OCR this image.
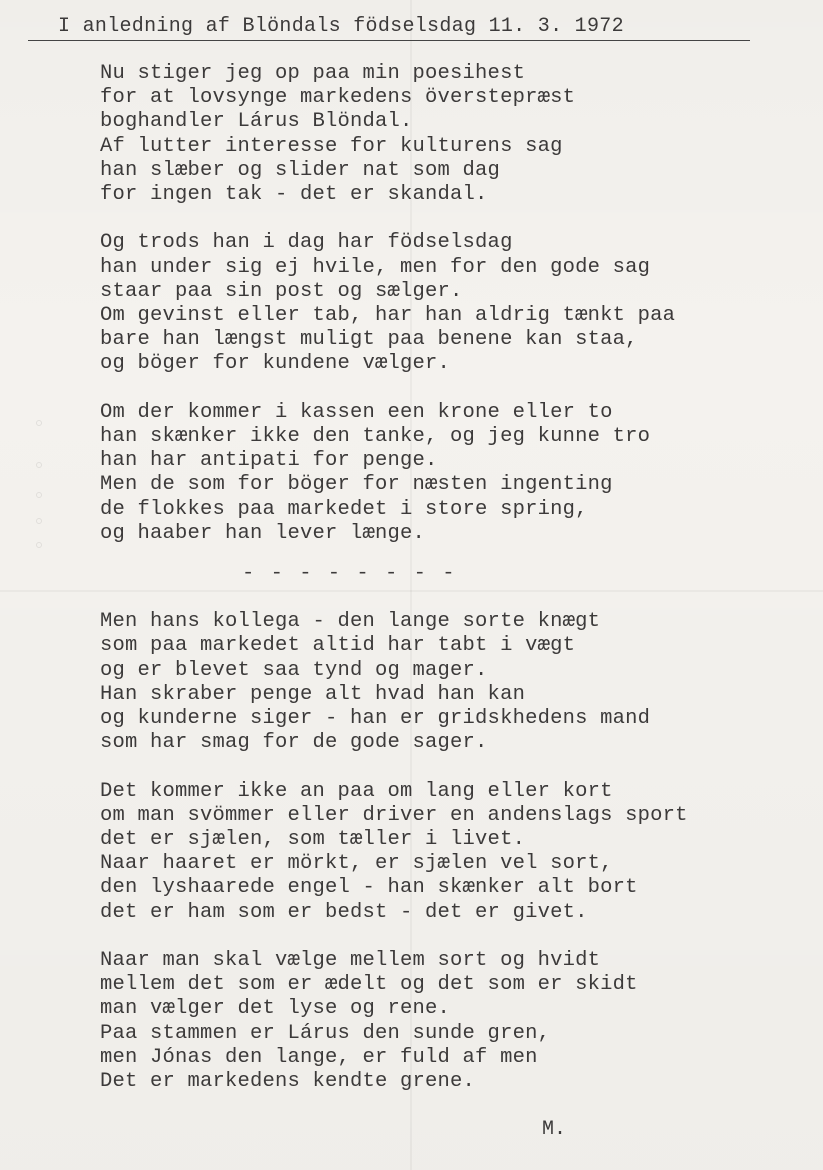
I anledning af Blöndals födselsdag 11. 3. 1972
Nu stiger jeg op paa min poesihest
for at lovsynge markedens överstepræst
boghandler Lárus Blöndal.
Af lutter interesse for kulturens sag
han slæber og slider nat som dag
for ingen tak - det er skandal.
Og trods han i dag har födselsdag
han under sig ej hvile, men for den gode sag
staar paa sin post og sælger.
Om gevinst eller tab, har han aldrig tænkt paa
bare han længst muligt paa benene kan staa,
og böger for kundene vælger.
Om der kommer i kassen een krone eller to
han skænker ikke den tanke, og jeg kunne tro
han har antipati for penge.
Men de som for böger for næsten ingenting
de flokkes paa markedet i store spring,
og haaber han lever længe.
- - - - - - - -
Men hans kollega - den lange sorte knægt
som paa markedet altid har tabt i vægt
og er blevet saa tynd og mager.
Han skraber penge alt hvad han kan
og kunderne siger - han er gridskhedens mand
som har smag for de gode sager.
Det kommer ikke an paa om lang eller kort
om man svömmer eller driver en andenslags sport
det er sjælen, som tæller i livet.
Naar haaret er mörkt, er sjælen vel sort,
den lyshaarede engel - han skænker alt bort
det er ham som er bedst - det er givet.
Naar man skal vælge mellem sort og hvidt
mellem det som er ædelt og det som er skidt
man vælger det lyse og rene.
Paa stammen er Lárus den sunde gren,
men Jónas den lange, er fuld af men
Det er markedens kendte grene.
M.
